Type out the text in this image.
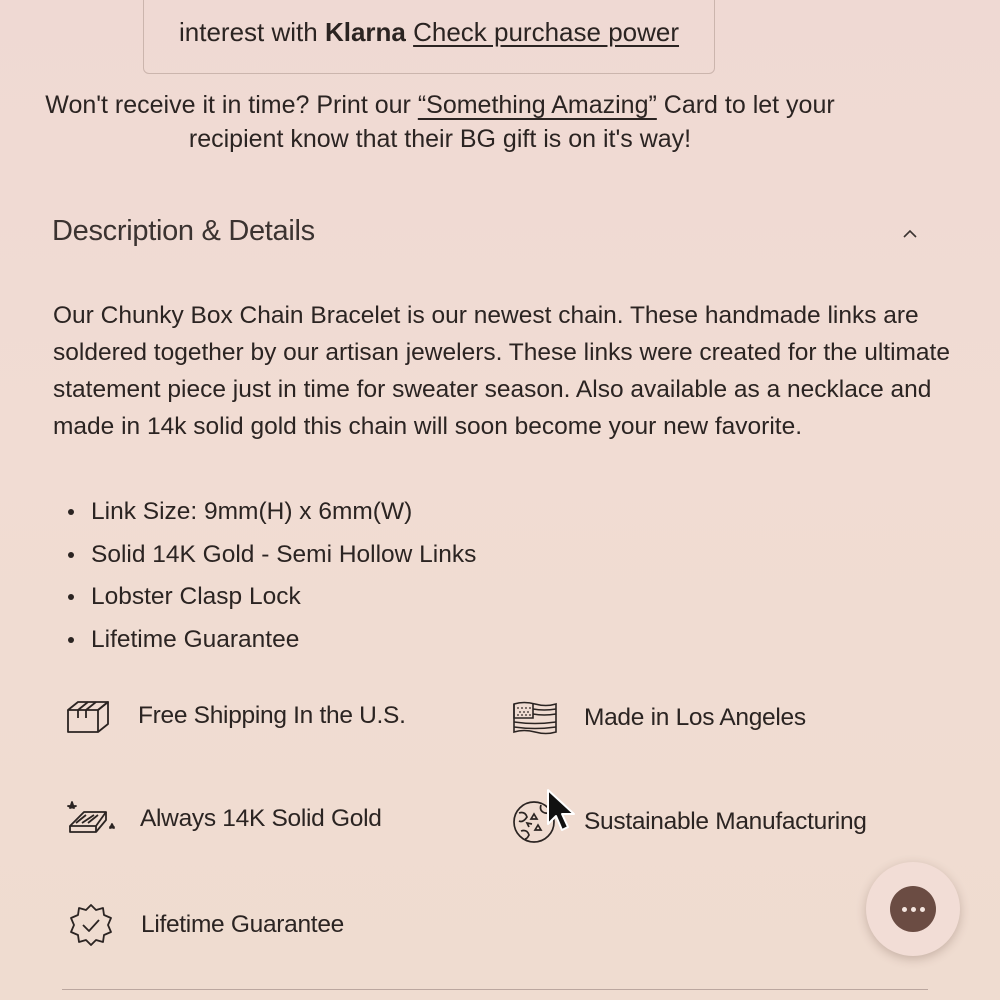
interest with Klarna Check purchase power
Won't receive it in time? Print our “Something Amazing” Card to let your recipient know that their BG gift is on it's way!
Description & Details
Our Chunky Box Chain Bracelet is our newest chain. These handmade links are soldered together by our artisan jewelers. These links were created for the ultimate statement piece just in time for sweater season. Also available as a necklace and made in 14k solid gold this chain will soon become your new favorite.
Link Size: 9mm(H) x 6mm(W)
Solid 14K Gold - Semi Hollow Links
Lobster Clasp Lock
Lifetime Guarantee
Free Shipping In the U.S.	Made in Los Angeles
Always 14K Solid Gold	Sustainable Manufacturing
Lifetime Guarantee
